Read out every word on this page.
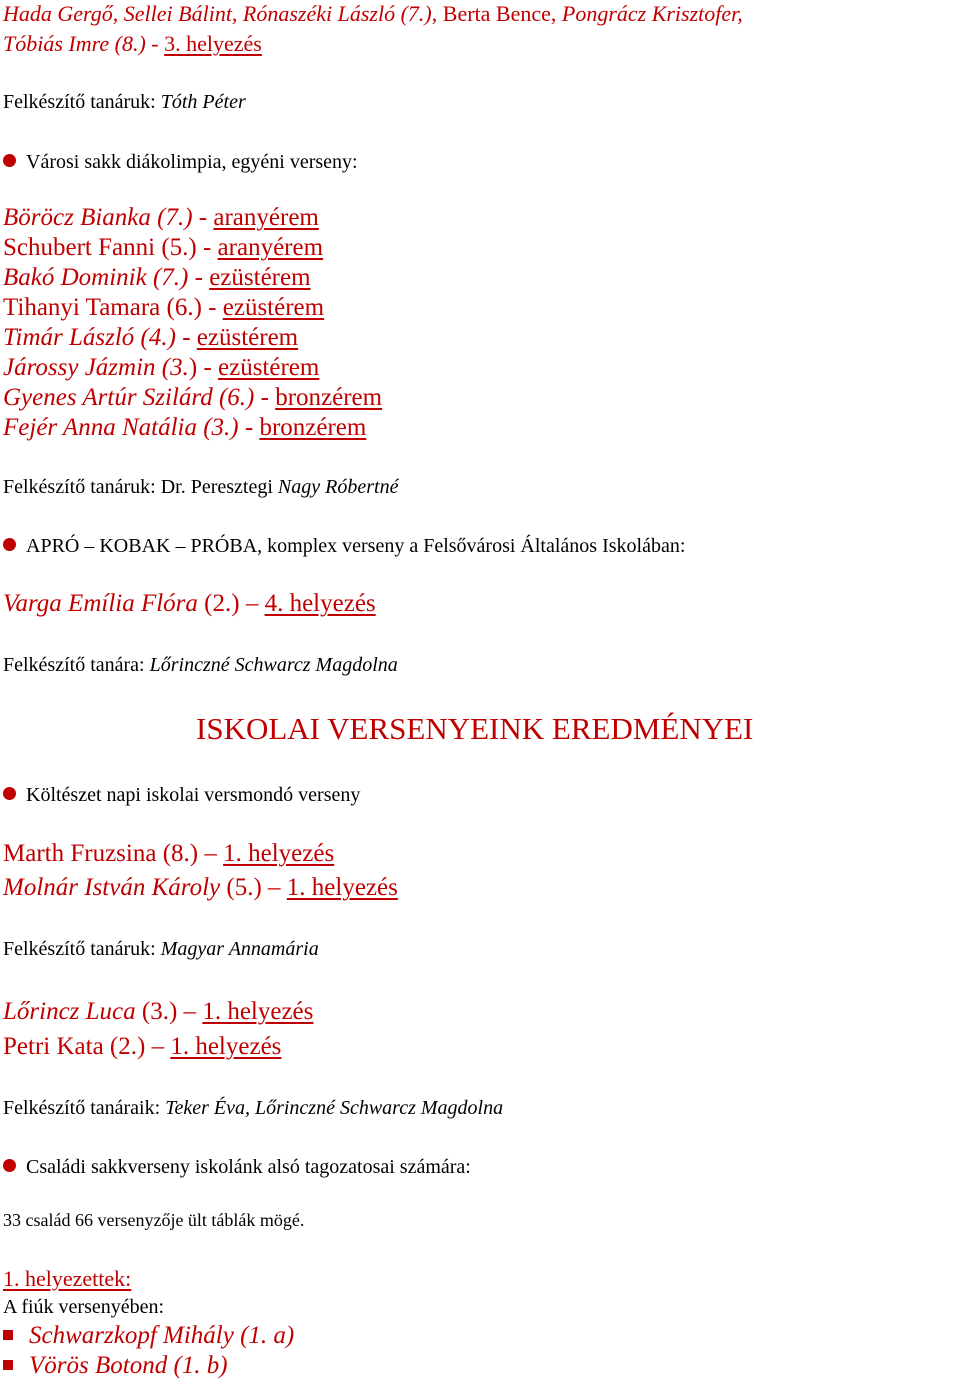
Hada Gergő, Sellei Bálint, Rónaszéki László (7.), Berta Bence, Pongrácz Krisztofer,
Tóbiás Imre (8.) - 3. helyezés
Felkészítő tanáruk: Tóth Péter
Városi sakk diákolimpia, egyéni verseny:
Böröcz Bianka (7.) - aranyérem
Schubert Fanni (5.) - aranyérem
Bakó Dominik (7.) - ezüstérem
Tihanyi Tamara (6.) - ezüstérem
Timár László (4.) - ezüstérem
Járossy Jázmin (3.) - ezüstérem
Gyenes Artúr Szilárd (6.) - bronzérem
Fejér Anna Natália (3.) - bronzérem
Felkészítő tanáruk: Dr. Peresztegi Nagy Róbertné
APRÓ – KOBAK – PRÓBA, komplex verseny a Felsővárosi Általános Iskolában:
Varga Emília Flóra (2.) – 4. helyezés
Felkészítő tanára: Lőrinczné Schwarcz Magdolna
ISKOLAI VERSENYEINK EREDMÉNYEI
Költészet napi iskolai versmondó verseny
Marth Fruzsina (8.) – 1. helyezés
Molnár István Károly (5.) – 1. helyezés
Felkészítő tanáruk: Magyar Annamária
Lőrincz Luca (3.) – 1. helyezés
Petri Kata (2.) – 1. helyezés
Felkészítő tanáraik: Teker Éva, Lőrinczné Schwarcz Magdolna
Családi sakkverseny iskolánk alsó tagozatosai számára:
33 család 66 versenyzője ült táblák mögé.
1. helyezettek:
A fiúk versenyében:
Schwarzkopf Mihály (1. a)
Vörös Botond (1. b)
